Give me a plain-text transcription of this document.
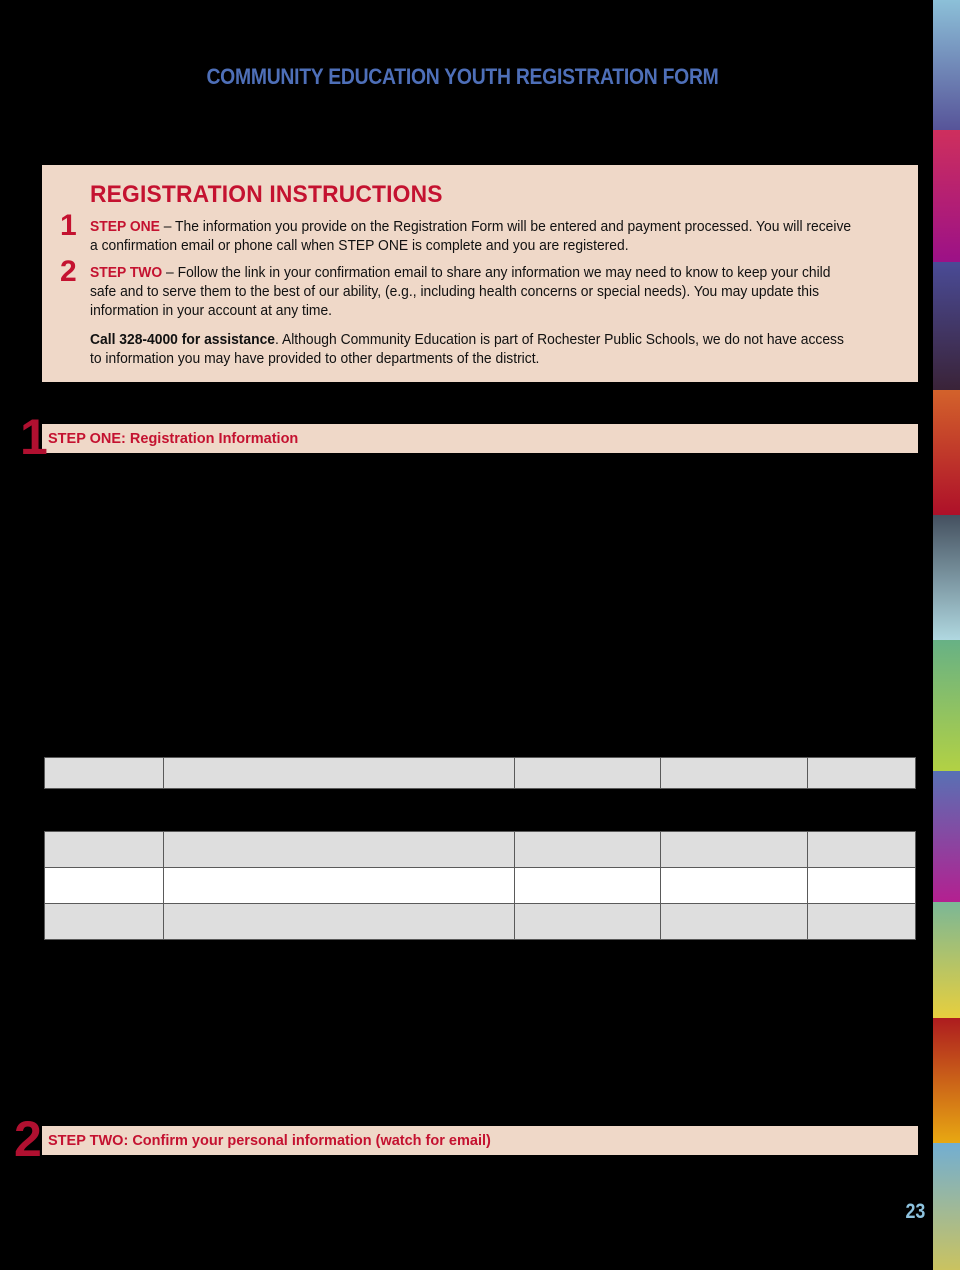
COMMUNITY EDUCATION YOUTH REGISTRATION FORM
REGISTRATION INSTRUCTIONS
1 STEP ONE – The information you provide on the Registration Form will be entered and payment processed. You will receive a confirmation email or phone call when STEP ONE is complete and you are registered.
2 STEP TWO – Follow the link in your confirmation email to share any information we may need to know to keep your child safe and to serve them to the best of our ability, (e.g., including health concerns or special needs). You may update this information in your account at any time.
Call 328-4000 for assistance. Although Community Education is part of Rochester Public Schools, we do not have access to information you may have provided to other departments of the district.
1 STEP ONE: Registration Information

2 STEP TWO: Confirm your personal information (watch for email)
23
